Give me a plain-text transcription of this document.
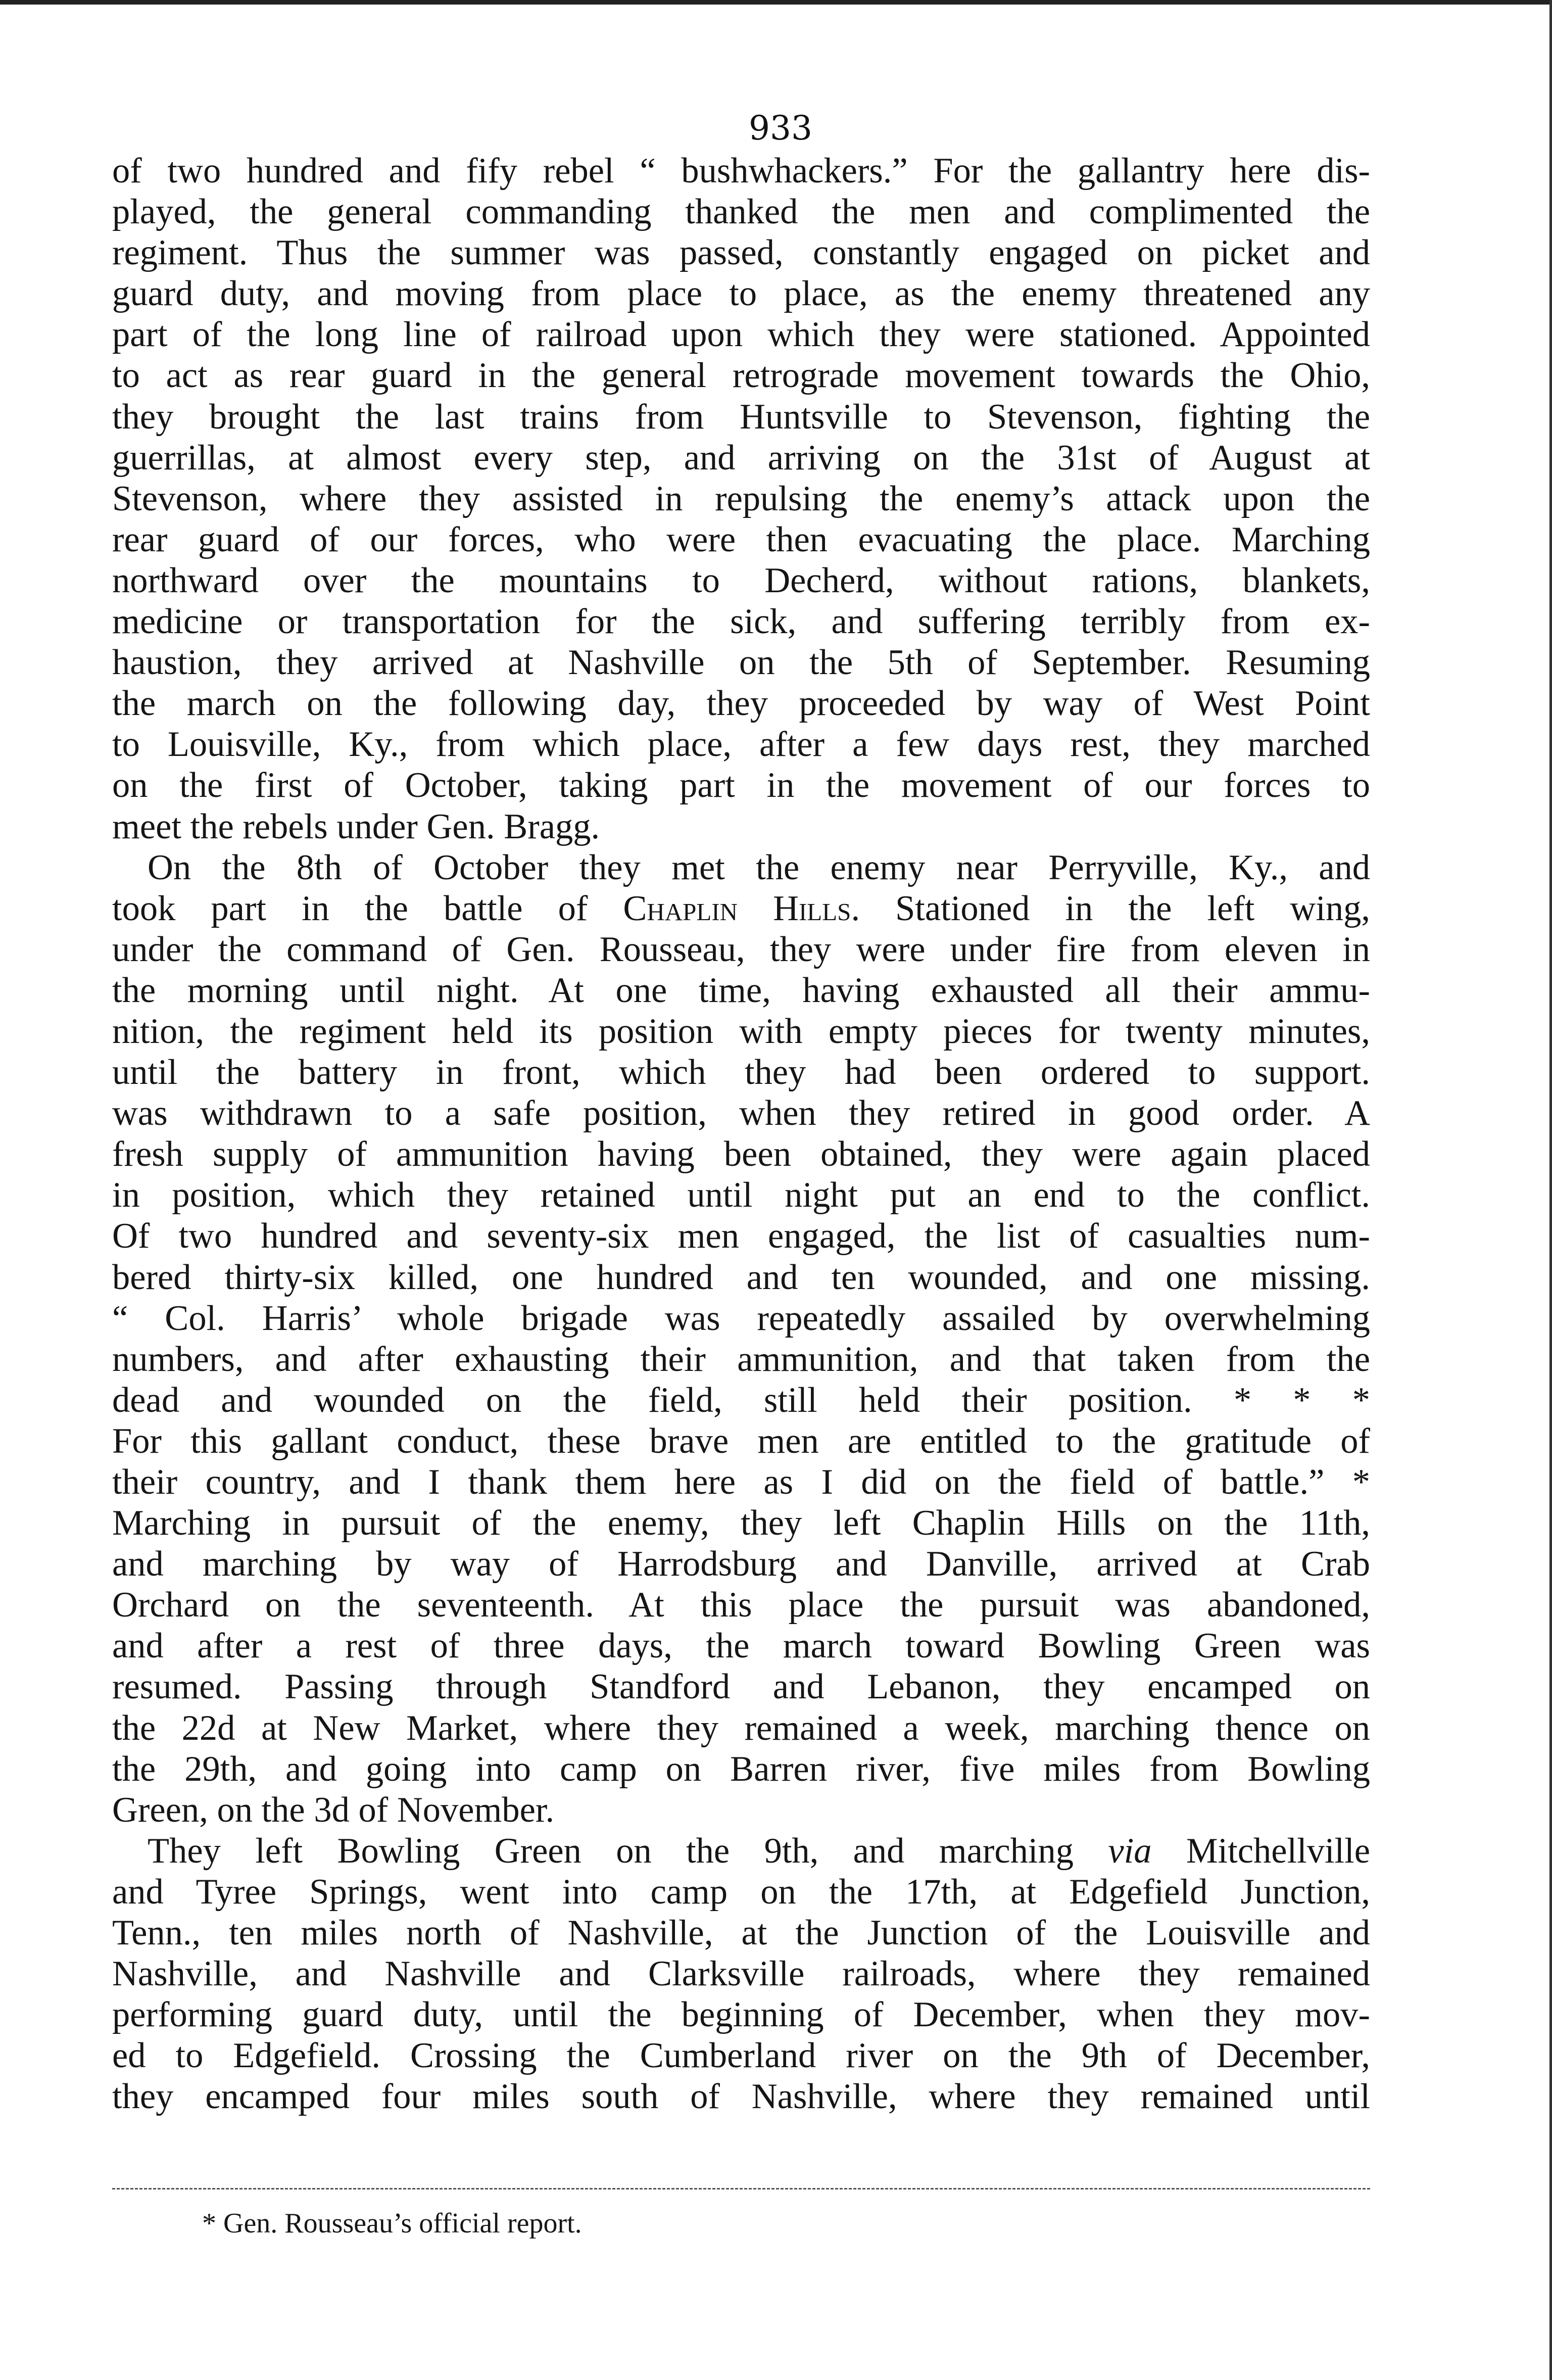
933
of two hundred and fify rebel “ bushwhackers.” For the gallantry here dis-
played, the general commanding thanked the men and complimented the
regiment. Thus the summer was passed, constantly engaged on picket and
guard duty, and moving from place to place, as the enemy threatened any
part of the long line of railroad upon which they were stationed. Appointed
to act as rear guard in the general retrograde movement towards the Ohio,
they brought the last trains from Huntsville to Stevenson, fighting the
guerrillas, at almost every step, and arriving on the 31st of August at
Stevenson, where they assisted in repulsing the enemy’s attack upon the
rear guard of our forces, who were then evacuating the place. Marching
northward over the mountains to Decherd, without rations, blankets,
medicine or transportation for the sick, and suffering terribly from ex-
haustion, they arrived at Nashville on the 5th of September. Resuming
the march on the following day, they proceeded by way of West Point
to Louisville, Ky., from which place, after a few days rest, they marched
on the first of October, taking part in the movement of our forces to
meet the rebels under Gen. Bragg.
On the 8th of October they met the enemy near Perryville, Ky., and
took part in the battle of Chaplin Hills. Stationed in the left wing,
under the command of Gen. Rousseau, they were under fire from eleven in
the morning until night. At one time, having exhausted all their ammu-
nition, the regiment held its position with empty pieces for twenty minutes,
until the battery in front, which they had been ordered to support.
was withdrawn to a safe position, when they retired in good order. A
fresh supply of ammunition having been obtained, they were again placed
in position, which they retained until night put an end to the conflict.
Of two hundred and seventy-six men engaged, the list of casualties num-
bered thirty-six killed, one hundred and ten wounded, and one missing.
“ Col. Harris’ whole brigade was repeatedly assailed by overwhelming
numbers, and after exhausting their ammunition, and that taken from the
dead and wounded on the field, still held their position. * * *
For this gallant conduct, these brave men are entitled to the gratitude of
their country, and I thank them here as I did on the field of battle.” *
Marching in pursuit of the enemy, they left Chaplin Hills on the 11th,
and marching by way of Harrodsburg and Danville, arrived at Crab
Orchard on the seventeenth. At this place the pursuit was abandoned,
and after a rest of three days, the march toward Bowling Green was
resumed. Passing through Standford and Lebanon, they encamped on
the 22d at New Market, where they remained a week, marching thence on
the 29th, and going into camp on Barren river, five miles from Bowling
Green, on the 3d of November.
They left Bowling Green on the 9th, and marching via Mitchellville
and Tyree Springs, went into camp on the 17th, at Edgefield Junction,
Tenn., ten miles north of Nashville, at the Junction of the Louisville and
Nashville, and Nashville and Clarksville railroads, where they remained
performing guard duty, until the beginning of December, when they mov-
ed to Edgefield. Crossing the Cumberland river on the 9th of December,
they encamped four miles south of Nashville, where they remained until
* Gen. Rousseau’s official report.
